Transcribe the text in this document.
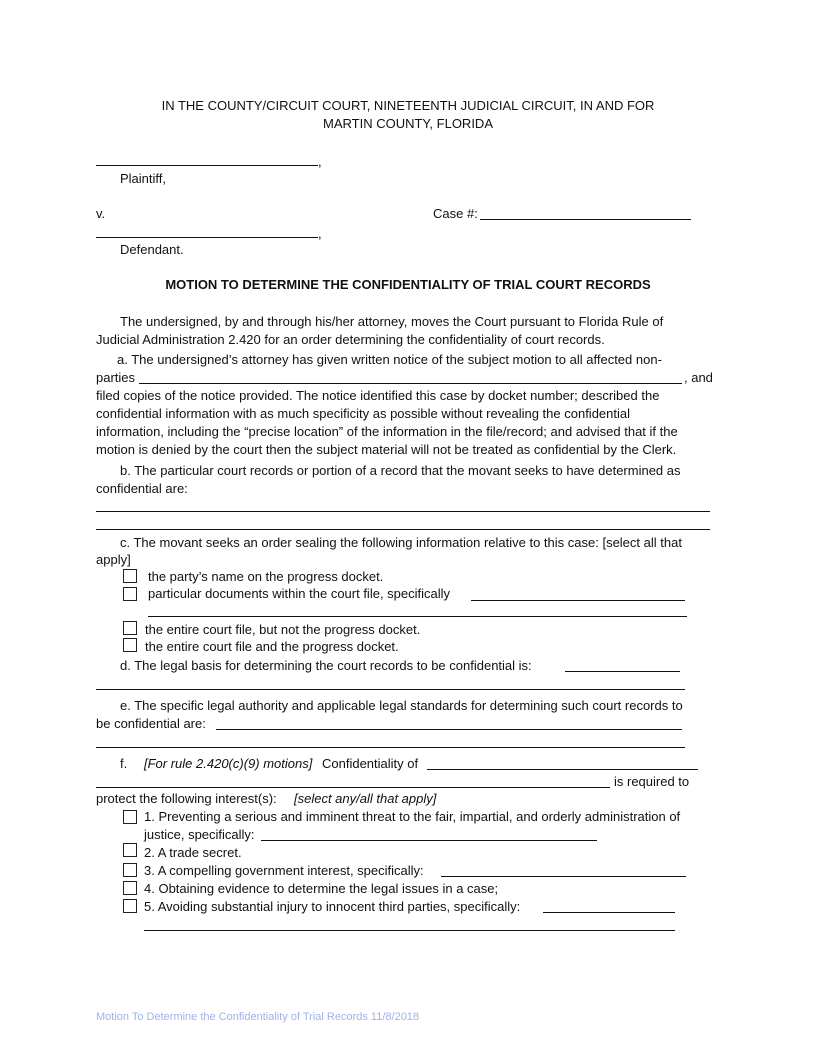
IN THE COUNTY/CIRCUIT COURT, NINETEENTH JUDICIAL CIRCUIT, IN AND FOR
MARTIN COUNTY, FLORIDA
,
Plaintiff,
v.	Case #:
,
Defendant.
MOTION TO DETERMINE THE CONFIDENTIALITY OF TRIAL COURT RECORDS
The undersigned, by and through his/her attorney, moves the Court pursuant to Florida Rule of
Judicial Administration 2.420 for an order determining the confidentiality of court records.
a. The undersigned’s attorney has given written notice of the subject motion to all affected non-
parties	, and
filed copies of the notice provided. The notice identified this case by docket number; described the
confidential information with as much specificity as possible without revealing the confidential
information, including the “precise location” of the information in the file/record; and advised that if the
motion is denied by the court then the subject material will not be treated as confidential by the Clerk.
b. The particular court records or portion of a record that the movant seeks to have determined as
confidential are:
c. The movant seeks an order sealing the following information relative to this case: [select all that
apply]
the party’s name on the progress docket.
particular documents within the court file, specifically
the entire court file, but not the progress docket.
the entire court file and the progress docket.
d. The legal basis for determining the court records to be confidential is:
e. The specific legal authority and applicable legal standards for determining such court records to
be confidential are:
f. [For rule 2.420(c)(9) motions] Confidentiality of
is required to
protect the following interest(s): [select any/all that apply]
1. Preventing a serious and imminent threat to the fair, impartial, and orderly administration of
justice, specifically:
2. A trade secret.
3. A compelling government interest, specifically:
4. Obtaining evidence to determine the legal issues in a case;
5. Avoiding substantial injury to innocent third parties, specifically:
Motion To Determine the Confidentiality of Trial Records 11/8/2018
